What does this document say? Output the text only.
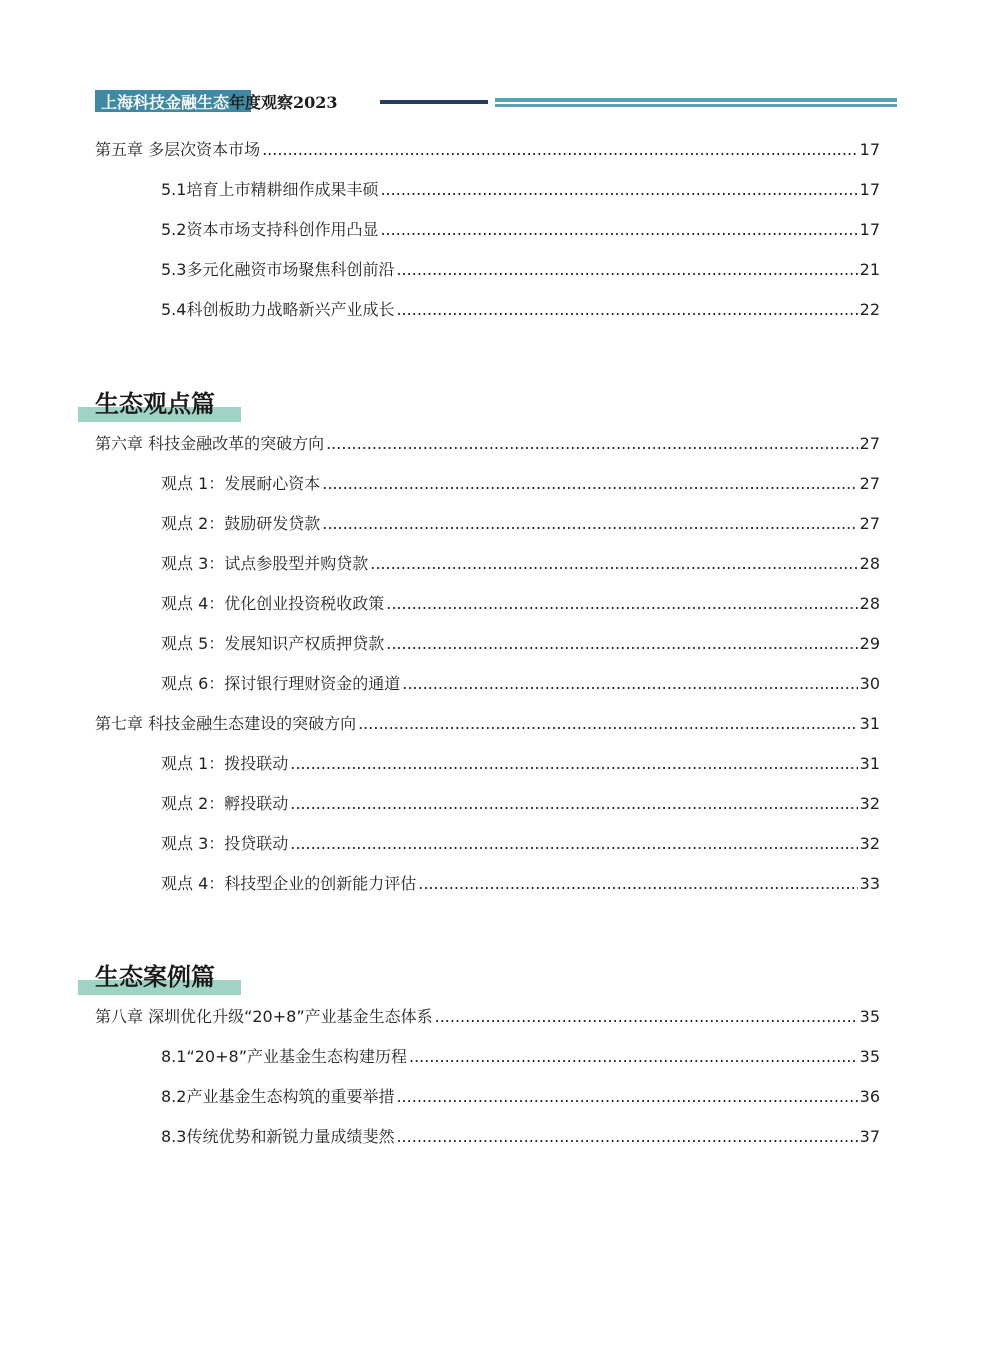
上海科技金融生态年度观察2023
第五章 多层次资本市场 .....	17
5.1 培育上市精耕细作成果丰硕 .....	17
5.2 资本市场支持科创作用凸显 .....	17
5.3 多元化融资市场聚焦科创前沿 .....	21
5.4 科创板助力战略新兴产业成长 .....	22
生态观点篇
第六章 科技金融改革的突破方向 .....	27
观点 1：发展耐心资本 .....	27
观点 2：鼓励研发贷款 .....	27
观点 3：试点参股型并购贷款 .....	28
观点 4：优化创业投资税收政策 .....	28
观点 5：发展知识产权质押贷款 .....	29
观点 6：探讨银行理财资金的通道 .....	30
第七章 科技金融生态建设的突破方向 .....	31
观点 1：拨投联动 .....	31
观点 2：孵投联动 .....	32
观点 3：投贷联动 .....	32
观点 4：科技型企业的创新能力评估 .....	33
生态案例篇
第八章 深圳优化升级“20+8”产业基金生态体系 .....	35
8.1 “20+8”产业基金生态构建历程 .....	35
8.2 产业基金生态构筑的重要举措 .....	36
8.3 传统优势和新锐力量成绩斐然 .....	37
